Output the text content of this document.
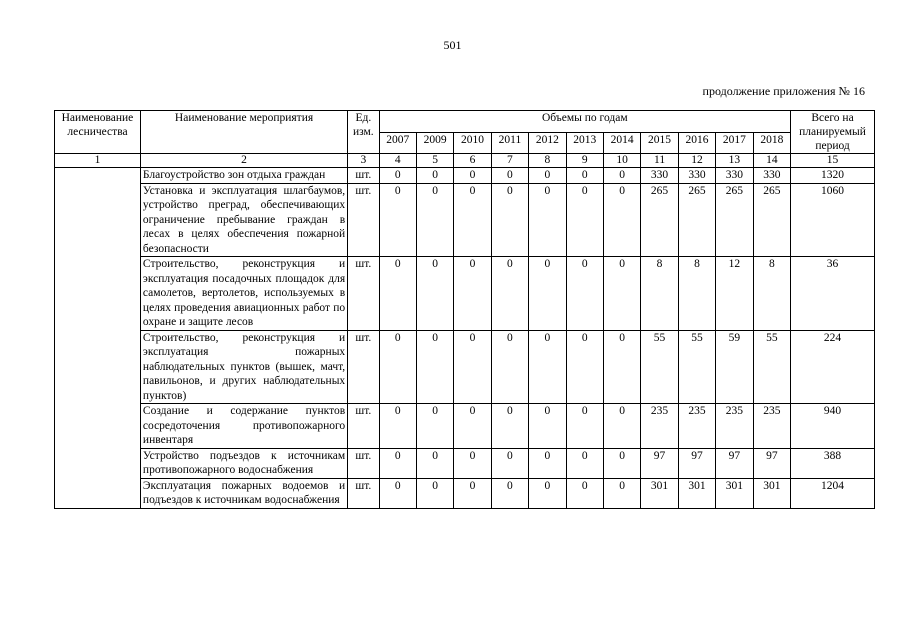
501
продолжение приложения № 16
Наименование лесничества	Наименование мероприятия	Ед. изм.	Объемы по годам											Всего на планируемый период
			2007	2009	2010	2011	2012	2013	2014	2015	2016	2017	2018	
1	2	3	4	5	6	7	8	9	10	11	12	13	14	15
	Благоустройство зон отдыха граждан	шт.	0	0	0	0	0	0	0	330	330	330	330	1320
	Установка и эксплуатация шлагбаумов, устройство преград, обеспечивающих ограничение пребывание граждан в лесах в целях обеспечения пожарной безопасности	шт.	0	0	0	0	0	0	0	265	265	265	265	1060
	Строительство, реконструкция и эксплуатация посадочных площадок для самолетов, вертолетов, используемых в целях проведения авиационных работ по охране и защите лесов	шт.	0	0	0	0	0	0	0	8	8	12	8	36
	Строительство, реконструкция и эксплуатация пожарных наблюдательных пунктов (вышек, мачт, павильонов, и других наблюдательных пунктов)	шт.	0	0	0	0	0	0	0	55	55	59	55	224
	Создание и содержание пунктов сосредоточения противопожарного инвентаря	шт.	0	0	0	0	0	0	0	235	235	235	235	940
	Устройство подъездов к источникам противопожарного водоснабжения	шт.	0	0	0	0	0	0	0	97	97	97	97	388
	Эксплуатация пожарных водоемов и подъездов к источникам водоснабжения	шт.	0	0	0	0	0	0	0	301	301	301	301	1204
